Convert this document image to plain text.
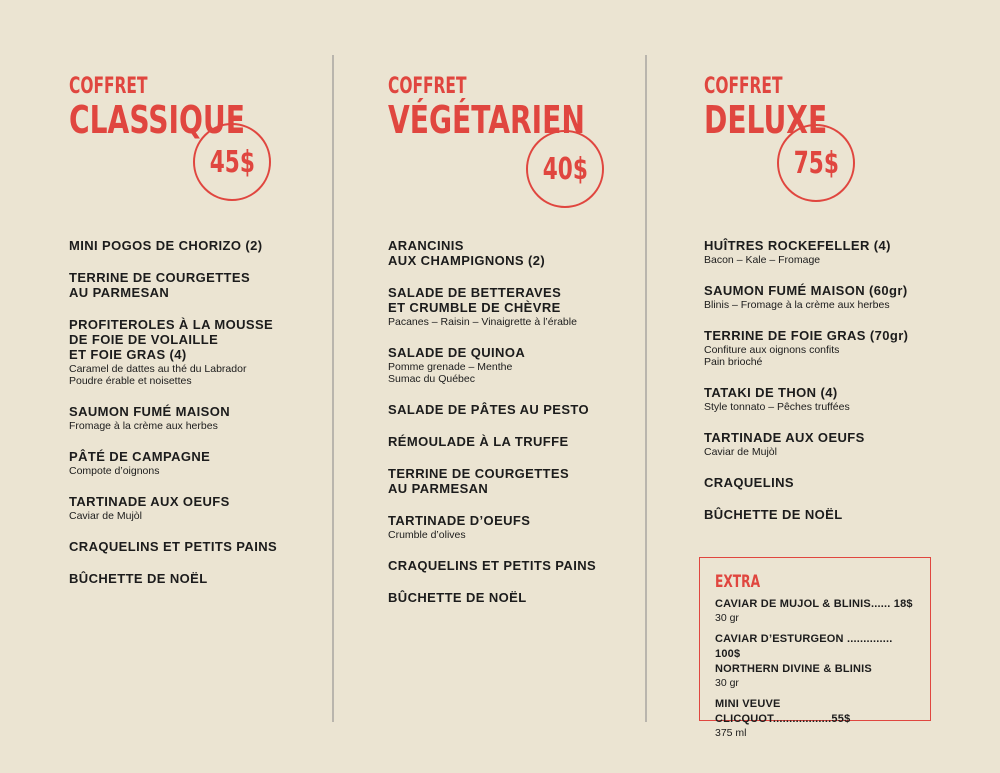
COFFRET
CLASSIQUE
45$
MINI POGOS DE CHORIZO (2)
TERRINE DE COURGETTES
AU PARMESAN
PROFITEROLES À LA MOUSSE
DE FOIE DE VOLAILLE
ET FOIE GRAS (4)
Caramel de dattes au thé du Labrador
Poudre érable et noisettes
SAUMON FUMÉ MAISON
Fromage à la crème aux herbes
PÂTÉ DE CAMPAGNE
Compote d’oignons
TARTINADE AUX OEUFS
Caviar de Mujòl
CRAQUELINS ET PETITS PAINS
BÛCHETTE DE NOËL
COFFRET
VÉGÉTARIEN
40$
ARANCINIS
AUX CHAMPIGNONS (2)
SALADE DE BETTERAVES
ET CRUMBLE DE CHÈVRE
Pacanes – Raisin – Vinaigrette à l’érable
SALADE DE QUINOA
Pomme grenade – Menthe
Sumac du Québec
SALADE DE PÂTES AU PESTO
RÉMOULADE À LA TRUFFE
TERRINE DE COURGETTES
AU PARMESAN
TARTINADE D’OEUFS
Crumble d’olives
CRAQUELINS ET PETITS PAINS
BÛCHETTE DE NOËL
COFFRET
DELUXE
75$
HUÎTRES ROCKEFELLER (4)
Bacon – Kale – Fromage
SAUMON FUMÉ MAISON (60gr)
Blinis – Fromage à la crème aux herbes
TERRINE DE FOIE GRAS (70gr)
Confiture aux oignons confits
Pain brioché
TATAKI DE THON (4)
Style tonnato – Pêches truffées
TARTINADE AUX OEUFS
Caviar de Mujòl
CRAQUELINS
BÛCHETTE DE NOËL
EXTRA
CAVIAR DE MUJOL & BLINIS...... 18$
30 gr
CAVIAR D’ESTURGEON .............. 100$
NORTHERN DIVINE & BLINIS
30 gr
MINI VEUVE CLICQUOT..................55$
375 ml
